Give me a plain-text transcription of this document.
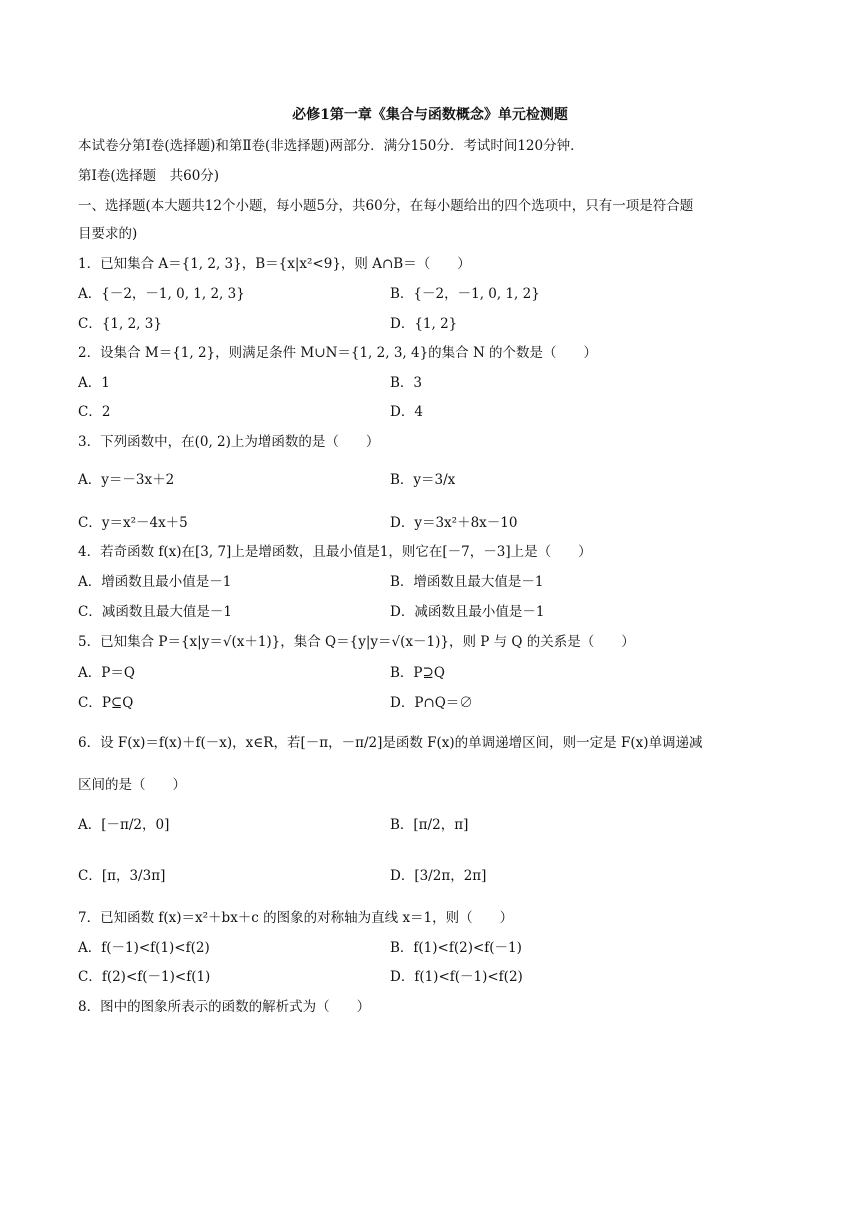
必修1第一章《集合与函数概念》单元检测题
本试卷分第Ⅰ卷(选择题)和第Ⅱ卷(非选择题)两部分．满分150分．考试时间120分钟．
第Ⅰ卷(选择题　共60分)
一、选择题(本大题共12个小题，每小题5分，共60分，在每小题给出的四个选项中，只有一项是符合题
目要求的)
1．已知集合 A＝{1, 2, 3}，B＝{x|x²<9}，则 A∩B＝（　　）
A．{－2，－1, 0, 1, 2, 3}	B．{－2，－1, 0, 1, 2}
C．{1, 2, 3}	D．{1, 2}
2．设集合 M＝{1, 2}，则满足条件 M∪N＝{1, 2, 3, 4}的集合 N 的个数是（　　）
A．1	B．3
C．2	D．4
3．下列函数中，在(0, 2)上为增函数的是（　　）
A．y＝－3x＋2	B．y＝3/x
C．y＝x²－4x＋5	D．y＝3x²＋8x－10
4．若奇函数 f(x)在[3, 7]上是增函数，且最小值是1，则它在[－7，－3]上是（　　）
A．增函数且最小值是－1	B．增函数且最大值是－1
C．减函数且最大值是－1	D．减函数且最小值是－1
5．已知集合 P＝{x|y＝√(x＋1)}，集合 Q＝{y|y＝√(x－1)}，则 P 与 Q 的关系是（　　）
A．P＝Q	B．P⊇Q
C．P⊆Q	D．P∩Q＝∅
6．设 F(x)＝f(x)＋f(－x)，x∈R，若[－π，－π/2]是函数 F(x)的单调递增区间，则一定是 F(x)单调递减
区间的是（　　）
A．[－π/2，0]	B．[π/2，π]
C．[π，3/3π]	D．[3/2π，2π]
7．已知函数 f(x)＝x²＋bx＋c 的图象的对称轴为直线 x＝1，则（　　）
A．f(－1)<f(1)<f(2)	B．f(1)<f(2)<f(－1)
C．f(2)<f(－1)<f(1)	D．f(1)<f(－1)<f(2)
8．图中的图象所表示的函数的解析式为（　　）
